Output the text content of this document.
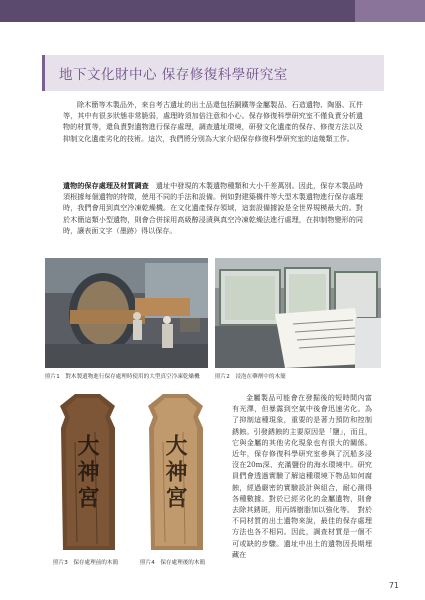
地下文化財中心 保存修復科學研究室
除木簡等木製品外，來自考古遺址的出土品還包括銅鐵等金屬製品、石造遺物、陶器、瓦件等，其中有很多狀態非常脆弱，處理時須加倍注意和小心。保存修復科學研究室不僅負責分析遺物的材質等，還負責對遺物進行保存處理，調查遺址環境，研發文化遺產的保存、修復方法以及抑制文化遺產劣化的技術。這次，我們將分別為大家介紹保存修復科學研究室的這幾類工作。
遺物的保存處理及材質調查　遺址中發現的木製遺物種類和大小千差萬別。因此，保存木製品時須根據每個遺物的特徵，使用不同的手法和設備。例如對建築構件等大型木製遺物進行保存處理時，我們會用到真空冷凍乾燥機。在文化遺產保存領域，這套設備據說是全世界規模最大的。對於木簡這類小型遺物，則會合併採用高級醇浸漬與真空冷凍乾燥法進行處理，在抑制物變形的同時，讓表面文字（墨跡）得以保存。
照片1　對木製遺物進行保存處理時使用的大型真空冷凍乾燥機	照片2　浸泡在藥劑中的木簡
大神宮
照片3　保存處理前的木簡
大神宮
照片4　保存處理後的木簡
金屬製品可能會在發掘後的短時間內富有光澤，但暴露到空氣中後會迅速劣化。為了抑制這種現象，重要的是著力預防和控制銹蝕。引發銹蝕的主要原因是「鹽」，而且，它與金屬的其他劣化現象也有很大的關係。近年，保存修復科學研究室參與了沉船多浸沒在20m深、充滿鹽份的海水環境中。研究員們會透過實驗了解這種環境下物品如何腐蝕，經過嚴密的實驗設計與組合，耐心測得各種數據。對於已經劣化的金屬遺物，則會去除其銹斑，用丙烯樹脂加以強化等。　對於不同材質的出土遺物來說，最佳的保存處理方法也各不相同。因此，調查材質是一個不可或缺的步驟。遺址中出土的遺物因長期埋藏在
71
